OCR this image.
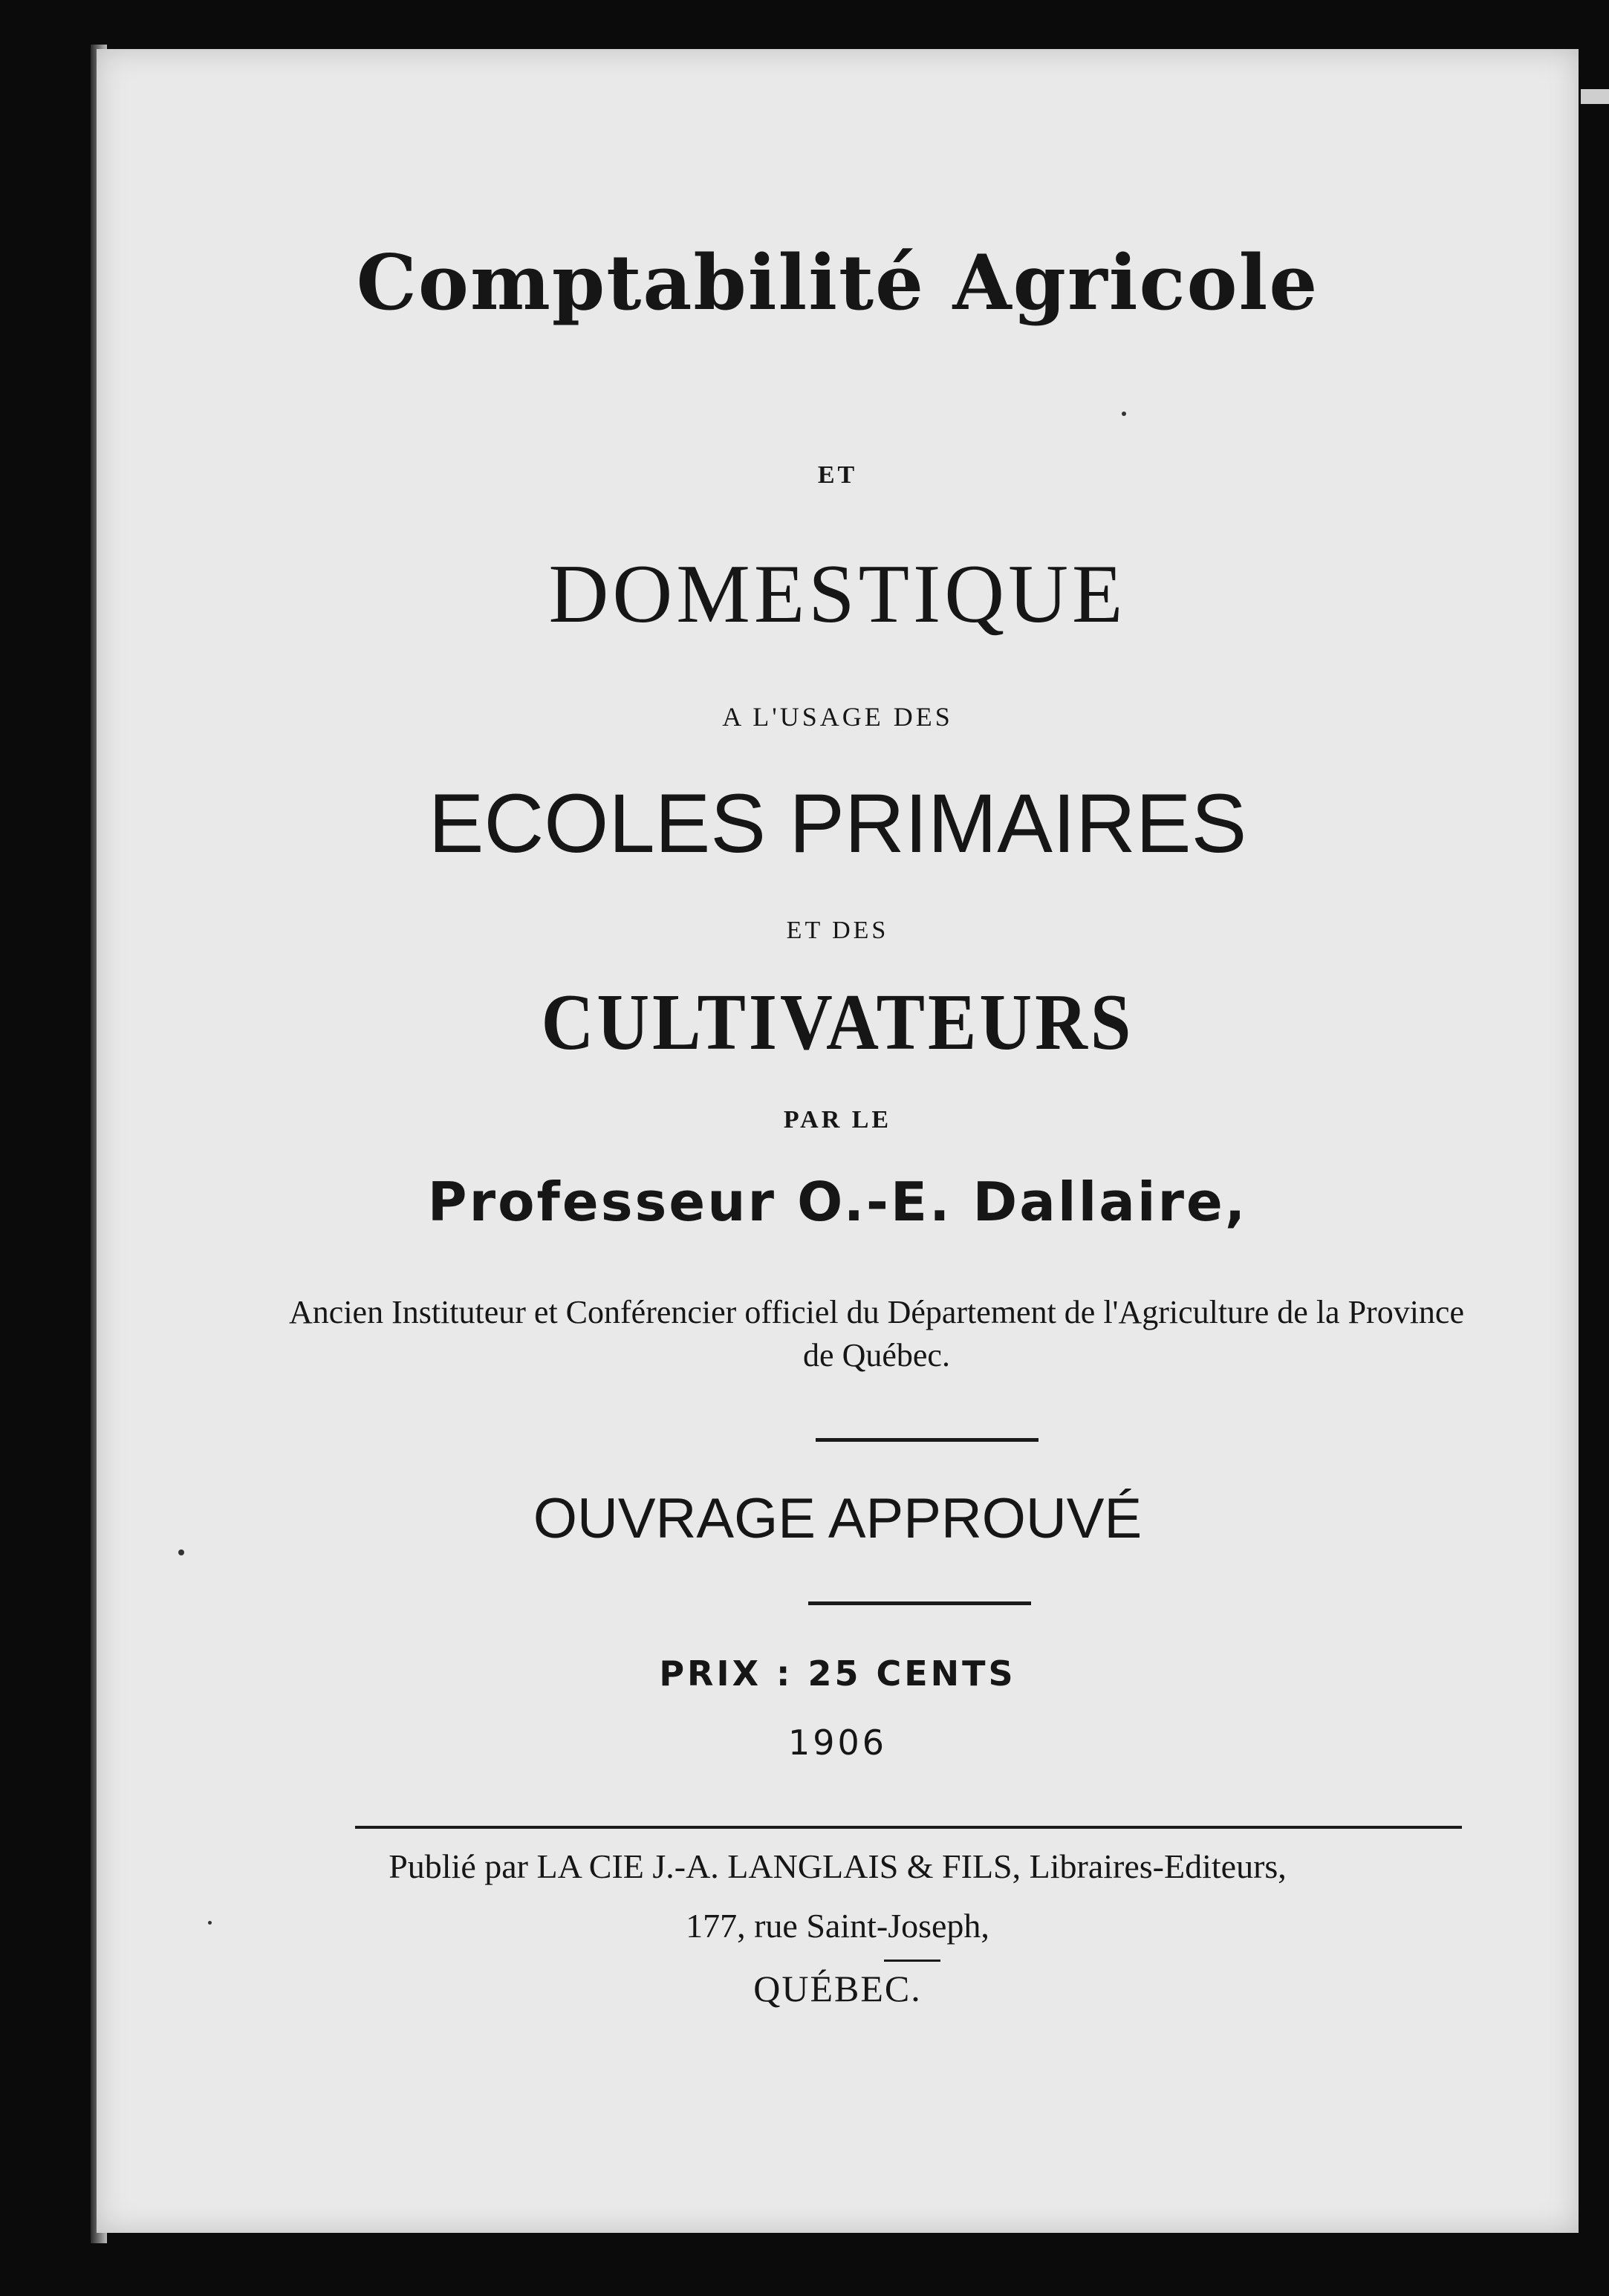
Comptabilité Agricole
ET
DOMESTIQUE
A L'USAGE DES
ECOLES PRIMAIRES
ET DES
CULTIVATEURS
PAR LE
Professeur O.-E. Dallaire,
Ancien Instituteur et Conférencier officiel du Département de l'Agriculture de la Province de Québec.
OUVRAGE APPROUVÉ
PRIX : 25 CENTS
1906
Publié par LA CIE J.-A. LANGLAIS & FILS, Libraires-Editeurs,
177, rue Saint-Joseph,
QUÉBEC.
